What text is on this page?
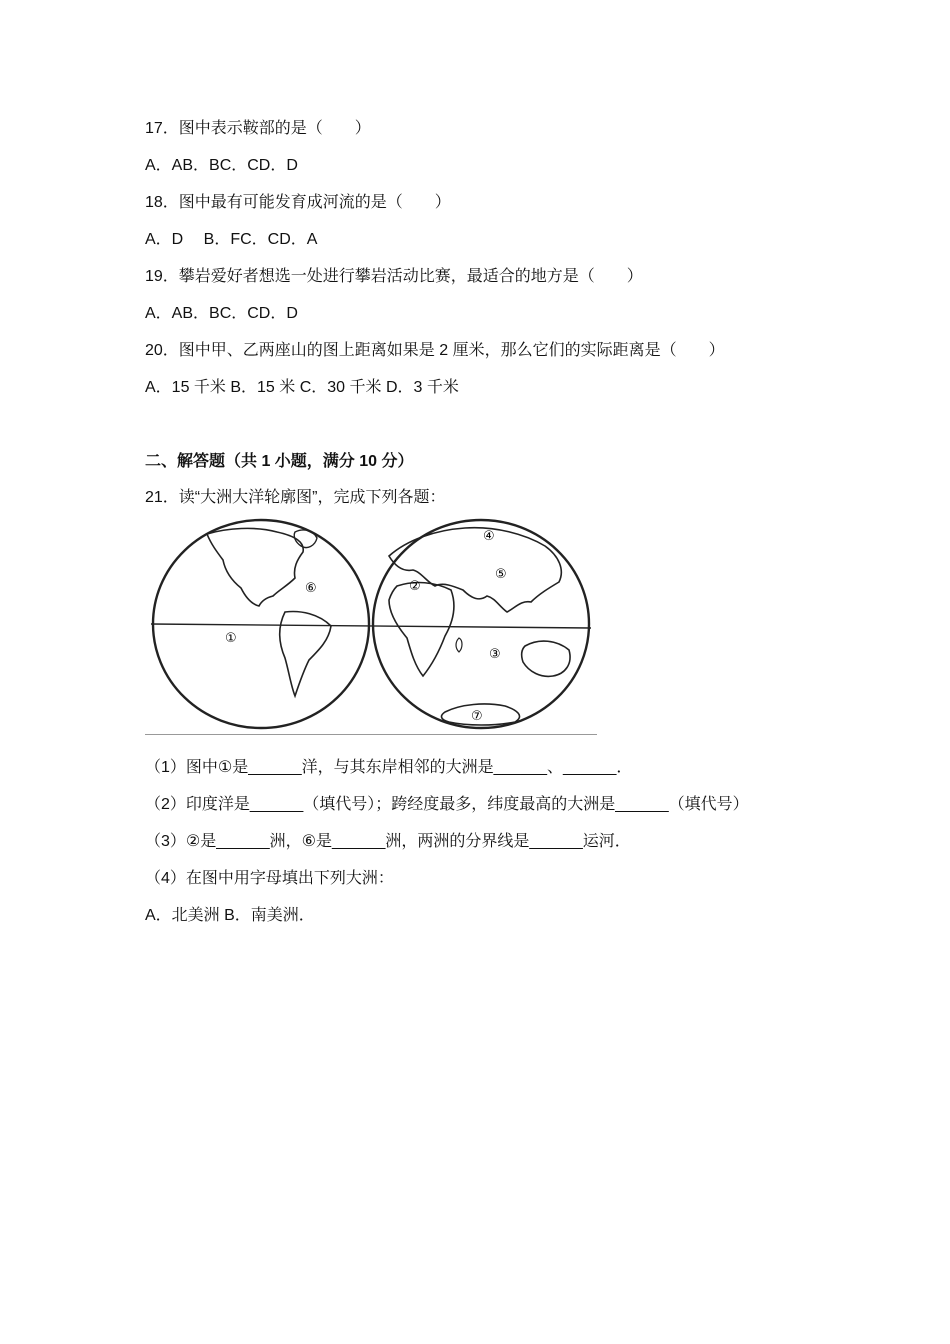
17．图中表示鞍部的是（　　）
A．AB．BC．CD．D
18．图中最有可能发育成河流的是（　　）
A．D　 B．FC．CD．A
19．攀岩爱好者想选一处进行攀岩活动比赛，最适合的地方是（　　）
A．AB．BC．CD．D
20．图中甲、乙两座山的图上距离如果是 2 厘米，那么它们的实际距离是（　　）
A．15 千米 B．15 米 C．30 千米 D．3 千米
二、解答题（共 1 小题，满分 10 分）
21．读“大洲大洋轮廓图”，完成下列各题：
①
②
③
④
⑤
⑥
⑦
（1）图中①是______洋，与其东岸相邻的大洲是______、______．
（2）印度洋是______（填代号）；跨经度最多，纬度最高的大洲是______（填代号）
（3）②是______洲，⑥是______洲，两洲的分界线是______运河．
（4）在图中用字母填出下列大洲：
A．北美洲 B．南美洲．
